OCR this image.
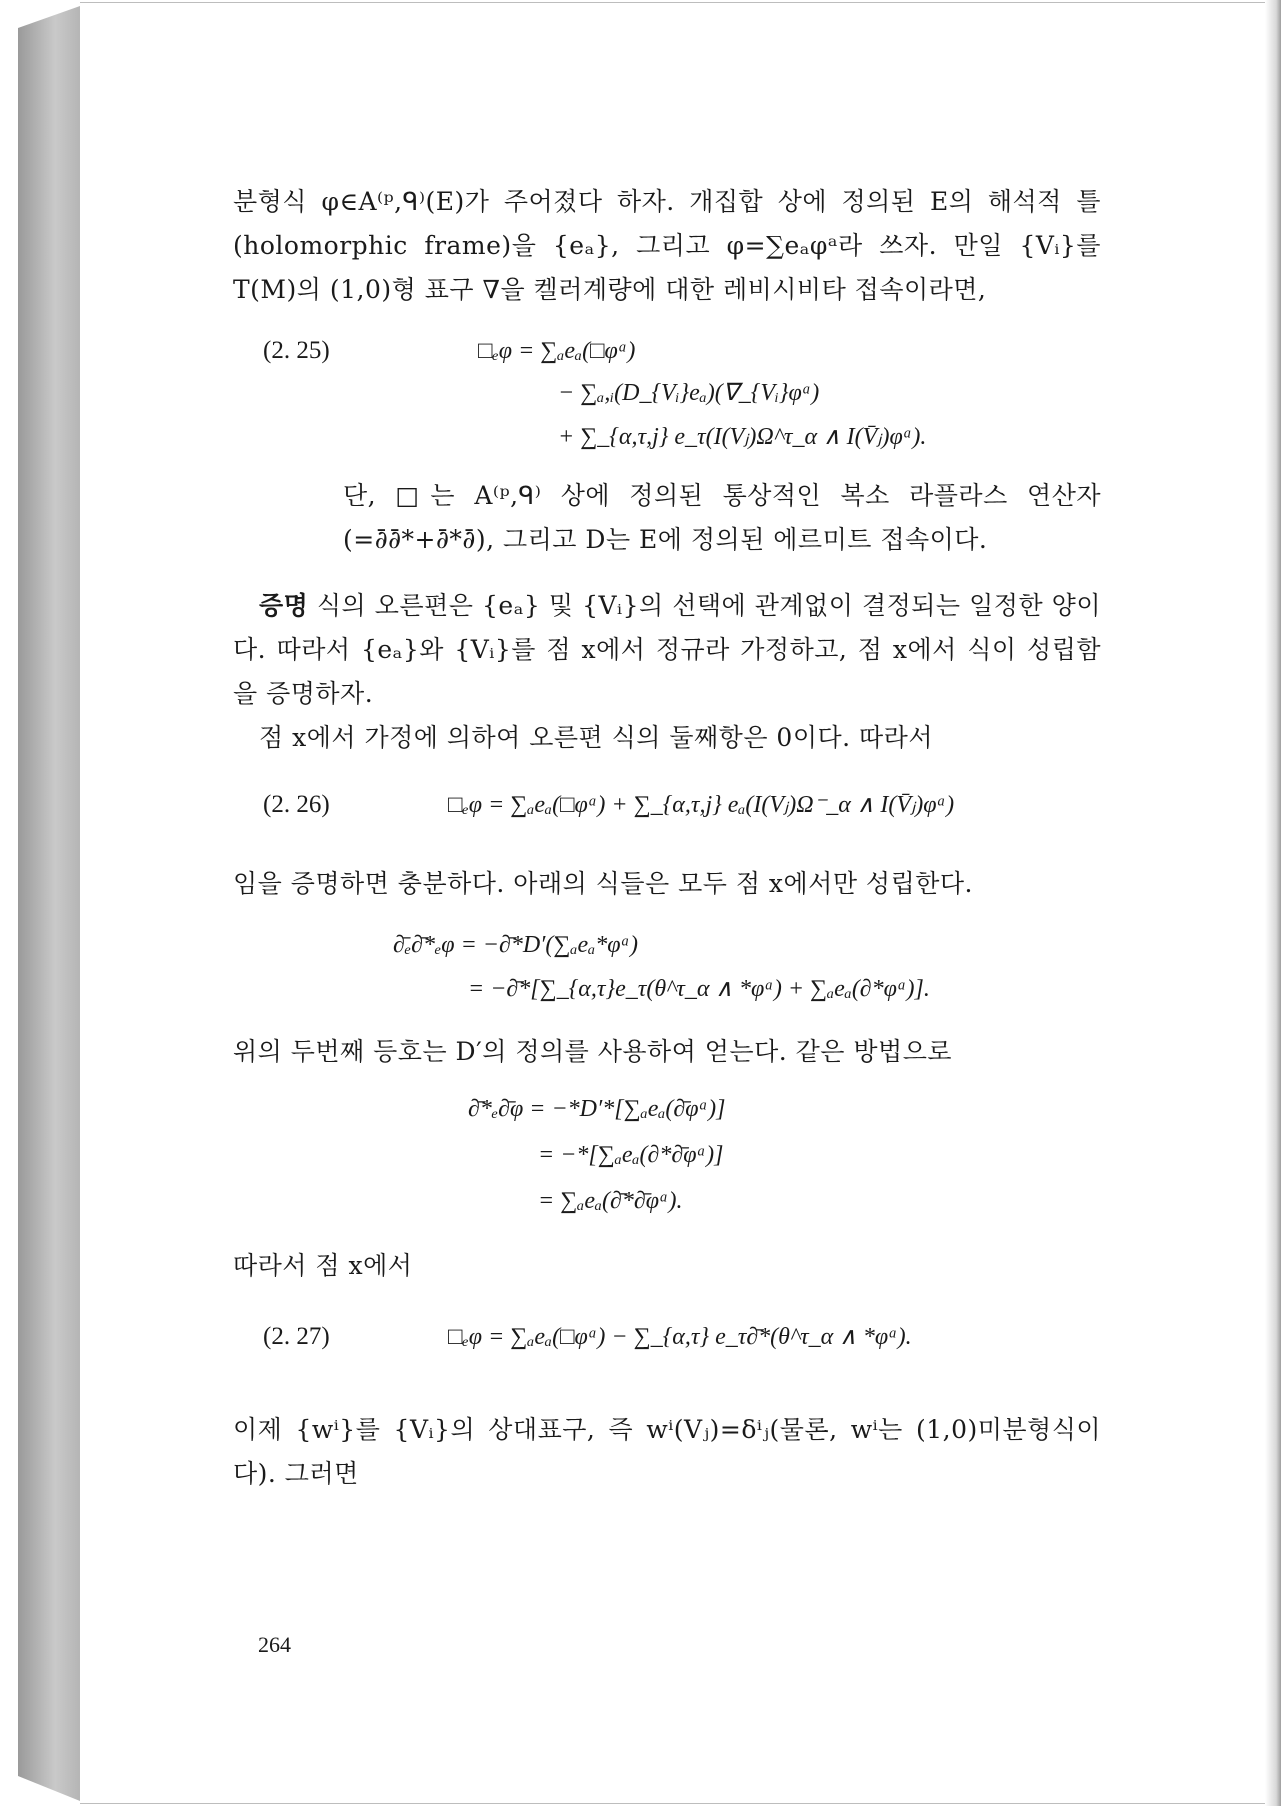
분형식 φ∈A⁽ᵖ,ᑫ⁾(E)가 주어졌다 하자. 개집합 상에 정의된 E의 해석적 틀(holomorphic frame)을 {eₐ}, 그리고 φ=∑eₐφᵃ라 쓰자. 만일 {Vᵢ}를 T(M)의 (1,0)형 표구 ∇을 켈러계량에 대한 레비시비타 접속이라면,

(2. 25)	□ₑφ = ∑ₐeₐ(□φᵃ)
− ∑ₐ,ᵢ(D_{Vᵢ}eₐ)(∇_{Vᵢ}φᵃ)
+ ∑_{α,τ,j} e_τ(I(Vⱼ)Ω^τ_α ∧ I(V̄ⱼ)φᵃ).

단, □는 A⁽ᵖ,ᑫ⁾ 상에 정의된 통상적인 복소 라플라스 연산자 (=∂̄∂̄*+∂̄*∂̄), 그리고 D는 E에 정의된 에르미트 접속이다.

증명 식의 오른편은 {eₐ} 및 {Vᵢ}의 선택에 관계없이 결정되는 일정한 양이다. 따라서 {eₐ}와 {Vᵢ}를 점 x에서 정규라 가정하고, 점 x에서 식이 성립함을 증명하자.

점 x에서 가정에 의하여 오른편 식의 둘째항은 0이다. 따라서

(2. 26)	□ₑφ = ∑ₐeₐ(□φᵃ) + ∑_{α,τ,j} eₐ(I(Vⱼ)Ω⁻_α ∧ I(V̄ⱼ)φᵃ)

임을 증명하면 충분하다. 아래의 식들은 모두 점 x에서만 성립한다.

∂̄ₑ∂̄*ₑφ = −∂̄*D′(∑ₐeₐ*φᵃ)
= −∂̄*[∑_{α,τ}e_τ(θ^τ_α ∧ *φᵃ) + ∑ₐeₐ(∂*φᵃ)].

위의 두번째 등호는 D′의 정의를 사용하여 얻는다. 같은 방법으로

∂̄*ₑ∂̄φ = −*D′*[∑ₐeₐ(∂̄φᵃ)]
= −*[∑ₐeₐ(∂*∂̄φᵃ)]
= ∑ₐeₐ(∂̄*∂̄φᵃ).

따라서 점 x에서

(2. 27)	□ₑφ = ∑ₐeₐ(□φᵃ) − ∑_{α,τ} e_τ∂̄*(θ^τ_α ∧ *φᵃ).

이제 {wⁱ}를 {Vᵢ}의 상대표구, 즉 wⁱ(Vⱼ)=δⁱⱼ(물론, wⁱ는 (1,0)미분형식이다). 그러면

264
